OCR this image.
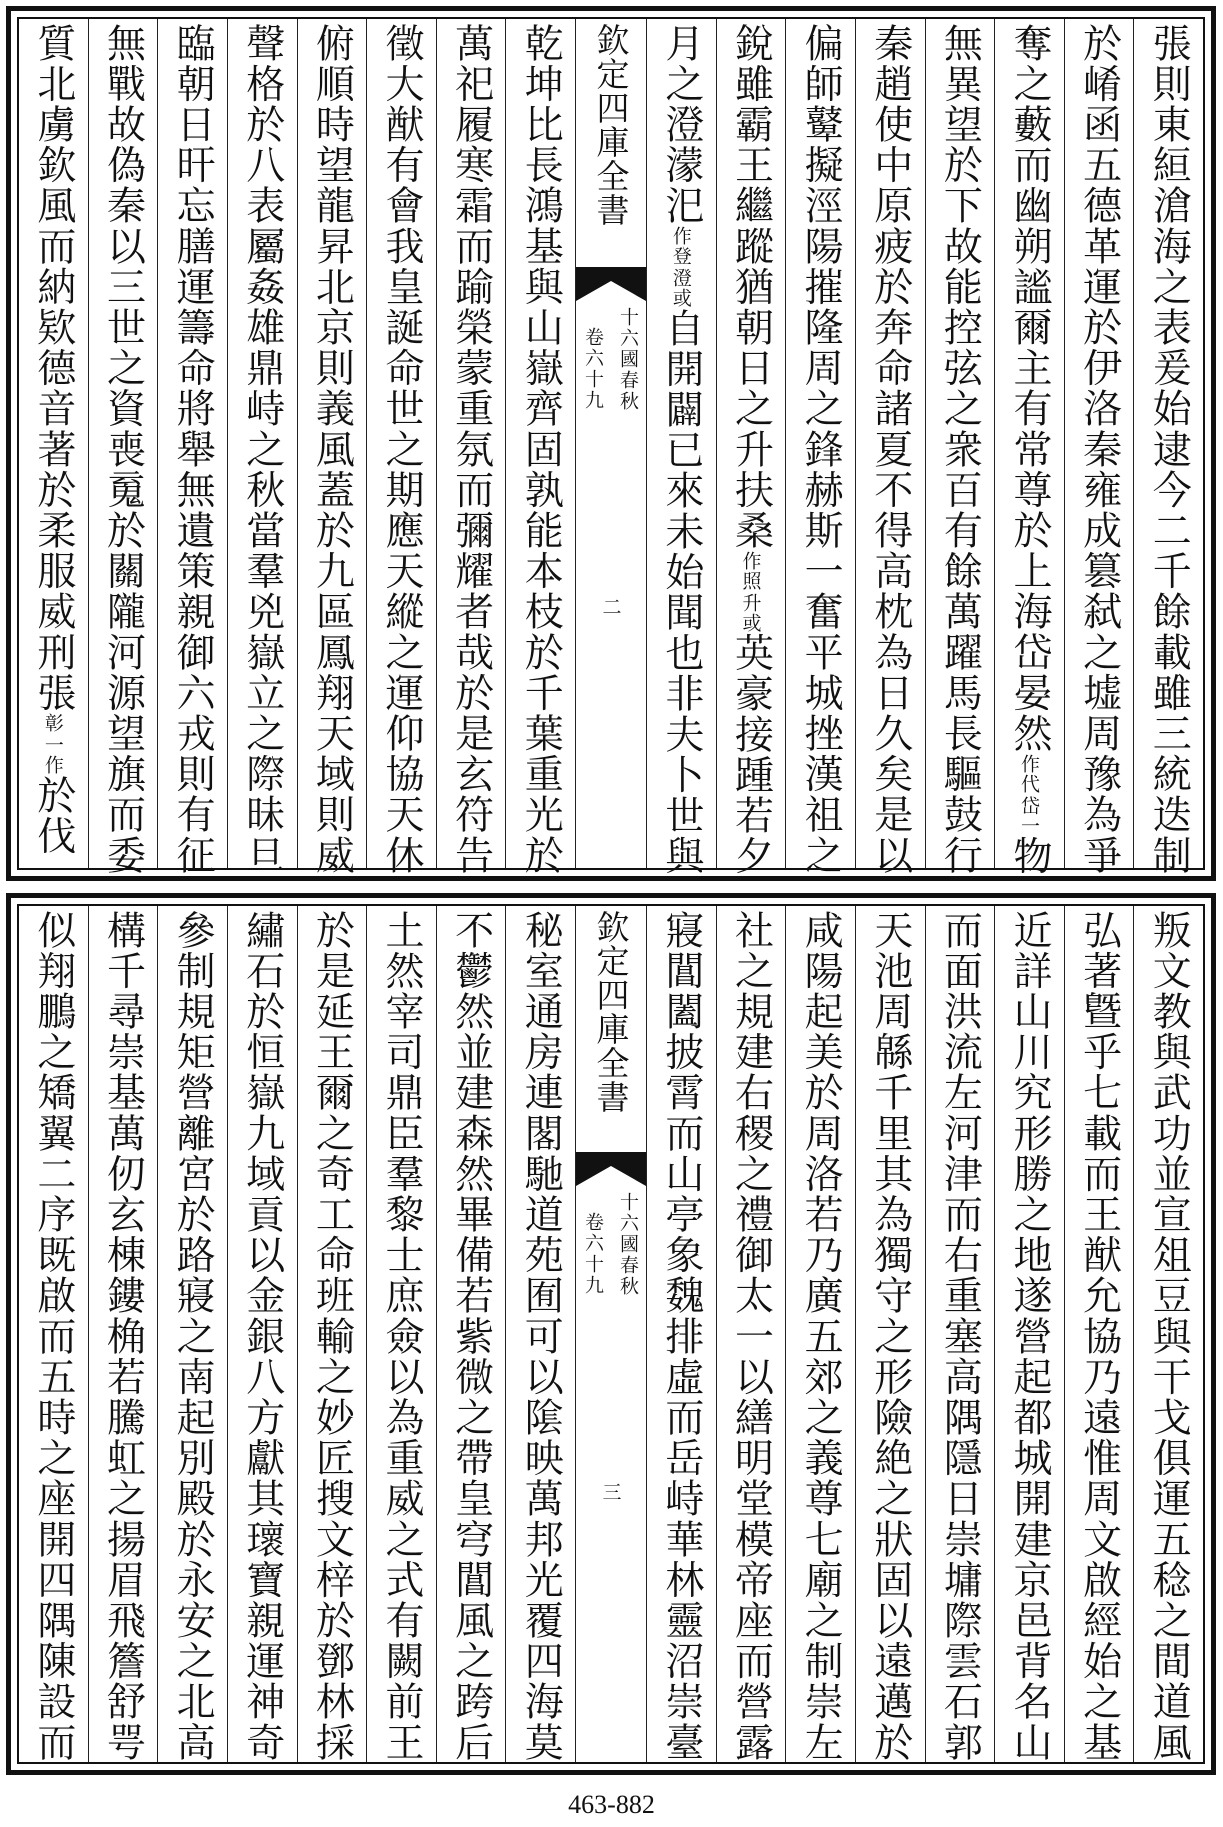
張則東絙滄海之表爰始逮今二千餘載雖三統迭制
於崤函五德革運於伊洛秦雍成篡弑之墟周豫為爭
奪之藪而幽朔謐爾主有常尊於上海岱晏然
岱一
作代
物
無異望於下故能控弦之衆百有餘萬躍馬長驅鼓行
秦趙使中原疲於奔命諸夏不得高枕為日久矣是以
偏師鼙擬涇陽摧隆周之鋒赫斯一奮平城挫漢祖之
銳雖霸王繼蹤猶朝日之升扶桑
升或
作照
英豪接踵若夕
月之澄濛汜
澄或
作登
自開闢已來未始聞也非夫卜世與
欽定四庫全書
十六國春秋
卷六十九
二
乾坤比長鴻基與山嶽齊固孰能本枝於千葉重光於
萬祀履寒霜而踰榮蒙重氛而彌耀者哉於是玄符告
徵大猷有會我皇誕命世之期應天縱之運仰協天休
俯順時望龍昇北京則義風蓋於九區鳳翔天域則威
聲格於八表屬姦雄鼎峙之秋當羣兇嶽立之際昧旦
臨朝日旰忘膳運籌命將舉無遺策親御六戎則有征
無戰故偽秦以三世之資喪䰟於關隴河源望旗而委
質北虜欽風而納欵德音著於柔服威刑張
一作
彰
於伐
叛文教與武功並宣俎豆與干戈俱運五稔之間道風
弘著曁乎七載而王猷允協乃遠惟周文啟經始之基
近詳山川究形勝之地遂營起都城開建京邑背名山
而面洪流左河津而右重塞高隅隱日崇墉際雲石郭
天池周緜千里其為獨守之形險絶之狀固以遠邁於
咸陽起美於周洛若乃廣五郊之義尊七廟之制崇左
社之規建右稷之禮御太一以繕明堂模帝座而營露
寢閶闔披霄而山亭象魏排虛而岳峙華林靈沼崇臺
欽定四庫全書
十六國春秋
卷六十九
三
秘室通房連閣馳道苑囿可以隂映萬邦光覆四海莫
不鬱然並建森然畢備若紫微之帶皇穹閶風之跨后
土然宰司鼎臣羣黎士庶僉以為重威之式有闕前王
於是延王爾之奇工命班輸之妙匠搜文梓於鄧林採
繡石於恒嶽九域貢以金銀八方獻其瓌寶親運神奇
參制規矩營離宮於路寢之南起別殿於永安之北高
構千尋崇基萬仞玄棟鏤桷若騰虹之揚眉飛簷舒咢
似翔鵬之矯翼二序既啟而五時之座開四隅陳設而
463-882
